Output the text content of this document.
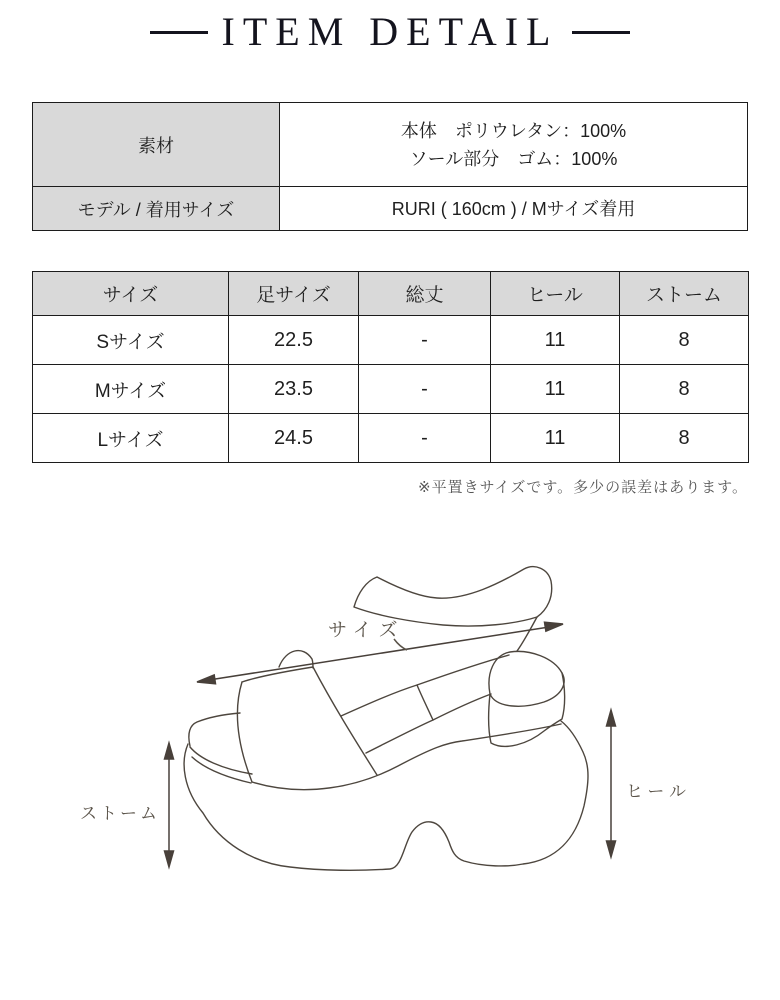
ITEM DETAIL
素材	本体　ポリウレタン：100%
ソール部分　ゴム：100%

モデル / 着用サイズ	RURI ( 160cm ) / Mサイズ着用
サイズ	足サイズ	総丈	ヒール	ストーム
Sサイズ	22.5	-	11	8
Mサイズ	23.5	-	11	8
Lサイズ	24.5	-	11	8
※平置きサイズです。多少の誤差はあります。
サイズ
ストーム
ヒール
